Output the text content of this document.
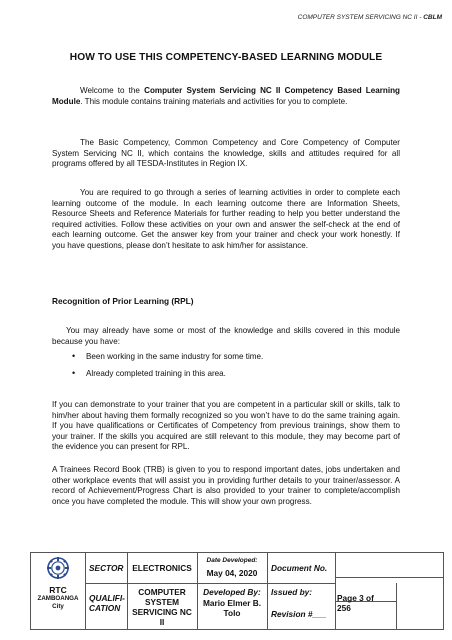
COMPUTER SYSTEM SERVICING NC II - CBLM
HOW TO USE THIS COMPETENCY-BASED LEARNING MODULE

Welcome to the Computer System Servicing NC II Competency Based Learning Module. This module contains training materials and activities for you to complete.

The Basic Competency, Common Competency and Core Competency of Computer System Servicing NC II, which contains the knowledge, skills and attitudes required for all programs offered by all TESDA-Institutes in Region IX.

You are required to go through a series of learning activities in order to complete each learning outcome of the module. In each learning outcome there are Information Sheets, Resource Sheets and Reference Materials for further reading to help you better understand the required activities. Follow these activities on your own and answer the self-check at the end of each learning outcome. Get the answer key from your trainer and check your work honestly. If you have questions, please don’t hesitate to ask him/her for assistance.

Recognition of Prior Learning (RPL)

You may already have some or most of the knowledge and skills covered in this module because you have:

• Been working in the same industry for some time.
• Already completed training in this area.

If you can demonstrate to your trainer that you are competent in a particular skill or skills, talk to him/her about having them formally recognized so you won’t have to do the same training again. If you have qualifications or Certificates of Competency from previous trainings, show them to your trainer. If the skills you acquired are still relevant to this module, they may become part of the evidence you can present for RPL.

A Trainees Record Book (TRB) is given to you to respond important dates, jobs undertaken and other workplace events that will assist you in providing further details to your trainer/assessor. A record of Achievement/Progress Chart is also provided to your trainer to complete/accomplish once you have completed the module. This will show your own progress.

RTC
ZAMBOANGA
City
SECTOR	ELECTRONICS
QUALIFI-
CATION
COMPUTER
SYSTEM
SERVICING NC II
Date Developed:
May 04, 2020
Developed By:
Mario Elmer B.
Tolo
Document No.
Issued by:
Revision #___
Page 3 of
256
